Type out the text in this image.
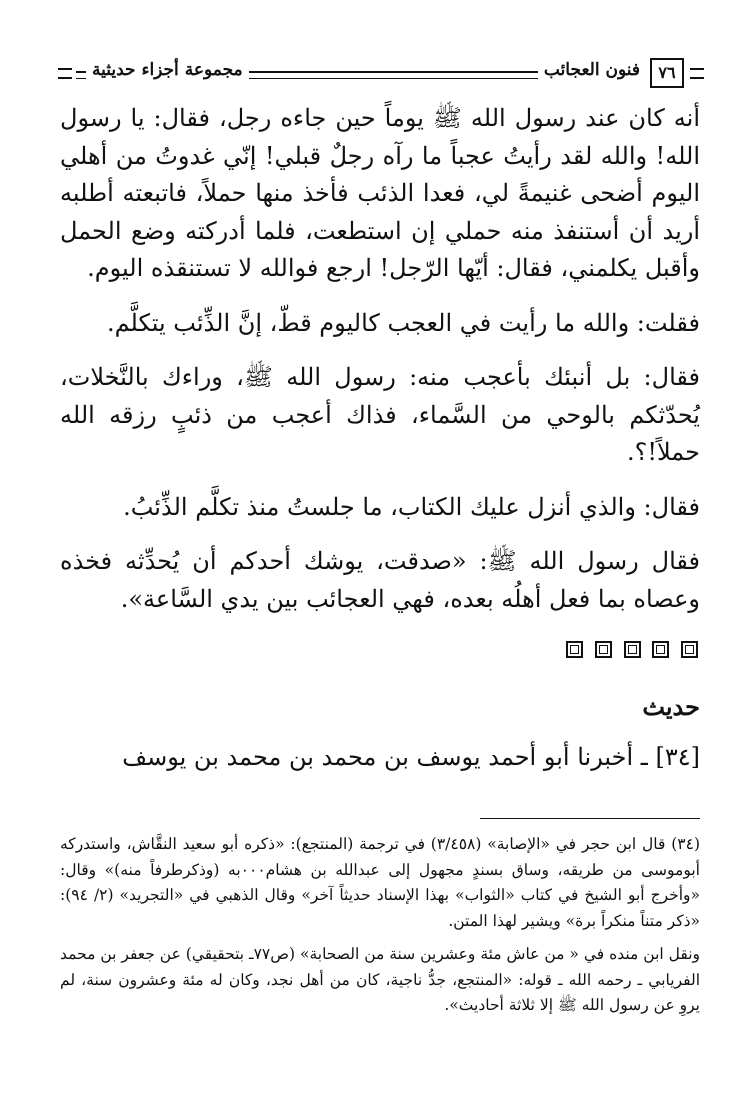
مجموعة أجزاء حديثية	فنون العجائب	٧٦

أنه كان عند رسول الله ﷺ يوماً حين جاءه رجل، فقال: يا رسول الله! والله لقد رأيتُ عجباً ما رآه رجلٌ قبلي! إنّي غدوتُ من أهلي اليوم أضحى غنيمةً لي، فعدا الذئب فأخذ منها حملاً، فاتبعته أطلبه أريد أن أستنفذ منه حملي إن استطعت، فلما أدركته وضع الحمل وأقبل يكلمني، فقال: أيّها الرّجل! ارجع فوالله لا تستنقذه اليوم.

فقلت: والله ما رأيت في العجب كاليوم قطّ، إنَّ الذِّئب يتكلَّم.

فقال: بل أنبئك بأعجب منه: رسول الله ﷺ، وراءك بالنَّخلات، يُحدّثكم بالوحي من السَّماء، فذاك أعجب من ذئبٍ رزقه الله حملاً!؟.

فقال: والذي أنزل عليك الكتاب، ما جلستُ منذ تكلَّم الذِّئبُ.

فقال رسول الله ﷺ: «صدقت، يوشك أحدكم أن يُحدِّثه فخذه وعصاه بما فعل أهلُه بعده، فهي العجائب بين يدي السَّاعة».

حديث

[٣٤] ـ أخبرنا أبو أحمد يوسف بن محمد بن محمد بن يوسف

(٣٤) قال ابن حجر في «الإصابة» (٣/٤٥٨) في ترجمة (المنتجع): «ذكره أبو سعيد النقَّاش، واستدركه أبوموسى من طريقه، وساق بسندٍ مجهول إلى عبدالله بن هشام٠٠٠به (وذكرطرفاً منه)» وقال: «وأخرج أبو الشيخ في كتاب «الثواب» بهذا الإسناد حديثاً آخر» وقال الذهبي في «التجريد» (٢/ ٩٤): «ذكر متناً منكراً برة» ويشير لهذا المتن.

ونقل ابن منده في « من عاش مئة وعشرين سنة من الصحابة» (ص٧٧ـ بتحقيقي) عن جعفر بن محمد الفريابي ـ رحمه الله ـ قوله: «المنتجع، جدُّ ناجية، كان من أهل نجد، وكان له مئة وعشرون سنة، لم يروِ عن رسول الله ﷺ إلا ثلاثة أحاديث».
